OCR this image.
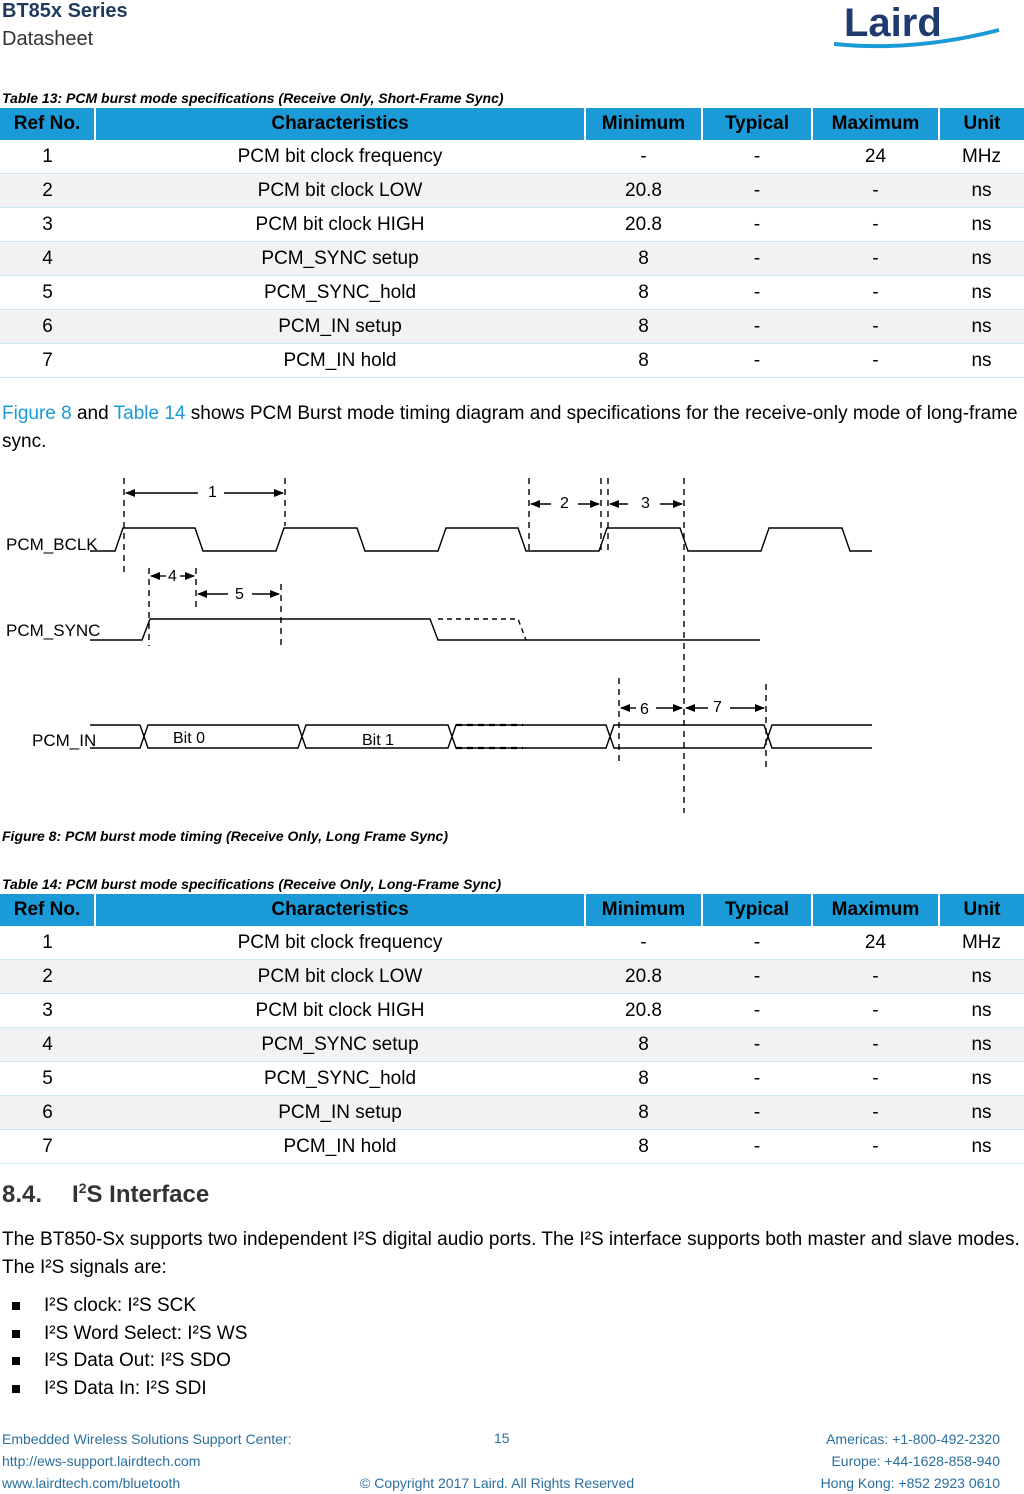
BT85x Series
Datasheet	Laird
Table 13: PCM burst mode specifications (Receive Only, Short-Frame Sync)
Ref No.	Characteristics	Minimum	Typical	Maximum	Unit
1	PCM bit clock frequency	-	-	24	MHz
2	PCM bit clock LOW	20.8	-	-	ns
3	PCM bit clock HIGH	20.8	-	-	ns
4	PCM_SYNC setup	8	-	-	ns
5	PCM_SYNC_hold	8	-	-	ns
6	PCM_IN setup	8	-	-	ns
7	PCM_IN hold	8	-	-	ns
Figure 8 and Table 14 shows PCM Burst mode timing diagram and specifications for the receive-only mode of long-frame sync.
PCM_BCLK
PCM_SYNC
PCM_IN
1
2	3
4
5
6	7
Bit 0	Bit 1
Figure 8: PCM burst mode timing (Receive Only, Long Frame Sync)
Table 14: PCM burst mode specifications (Receive Only, Long-Frame Sync)
Ref No.	Characteristics	Minimum	Typical	Maximum	Unit
1	PCM bit clock frequency	-	-	24	MHz
2	PCM bit clock LOW	20.8	-	-	ns
3	PCM bit clock HIGH	20.8	-	-	ns
4	PCM_SYNC setup	8	-	-	ns
5	PCM_SYNC_hold	8	-	-	ns
6	PCM_IN setup	8	-	-	ns
7	PCM_IN hold	8	-	-	ns
8.4. $I^2S$ Interface
The BT850-Sx supports two independent I²S digital audio ports. The I²S interface supports both master and slave modes. The I²S signals are:
I²S clock: I²S SCK
I²S Word Select: I²S WS
I²S Data Out: I²S SDO
I²S Data In: I²S SDI
Embedded Wireless Solutions Support Center:
http://ews-support.lairdtech.com
www.lairdtech.com/bluetooth
15
© Copyright 2017 Laird. All Rights Reserved
Americas: +1-800-492-2320
Europe: +44-1628-858-940
Hong Kong: +852 2923 0610
